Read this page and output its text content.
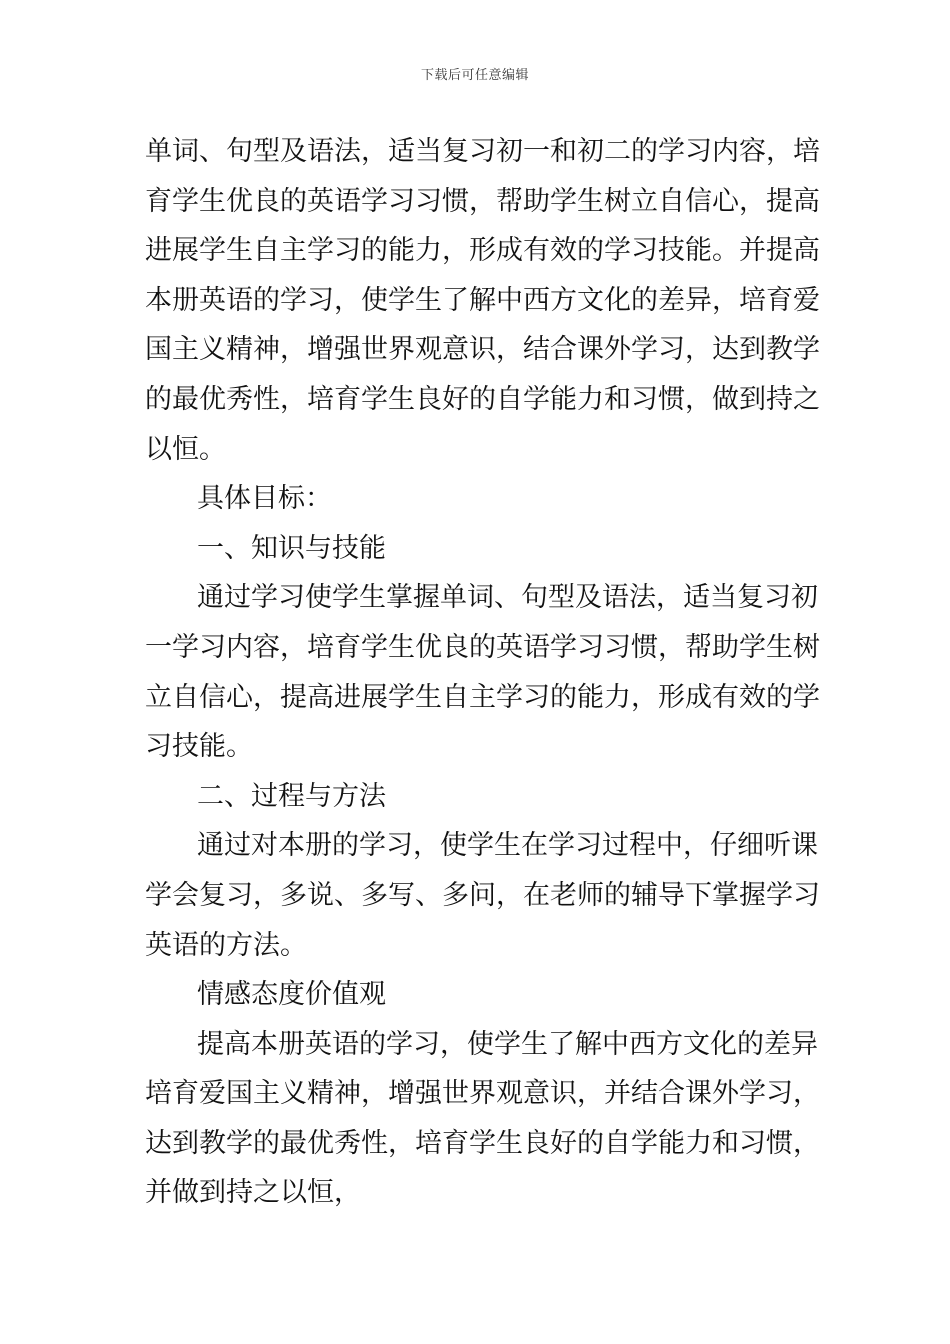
下载后可任意编辑
单词、句型及语法，适当复习初一和初二的学习内容，培
育学生优良的英语学习习惯，帮助学生树立自信心，提高
进展学生自主学习的能力，形成有效的学习技能。并提高
本册英语的学习，使学生了解中西方文化的差异，培育爱
国主义精神，增强世界观意识，结合课外学习，达到教学
的最优秀性，培育学生良好的自学能力和习惯，做到持之
以恒。
具体目标：
一、知识与技能
通过学习使学生掌握单词、句型及语法，适当复习初
一学习内容，培育学生优良的英语学习习惯，帮助学生树
立自信心，提高进展学生自主学习的能力，形成有效的学
习技能。
二、过程与方法
通过对本册的学习，使学生在学习过程中，仔细听课
学会复习，多说、多写、多问，在老师的辅导下掌握学习
英语的方法。
情感态度价值观
提高本册英语的学习，使学生了解中西方文化的差异
培育爱国主义精神，增强世界观意识，并结合课外学习，
达到教学的最优秀性，培育学生良好的自学能力和习惯，
并做到持之以恒，
